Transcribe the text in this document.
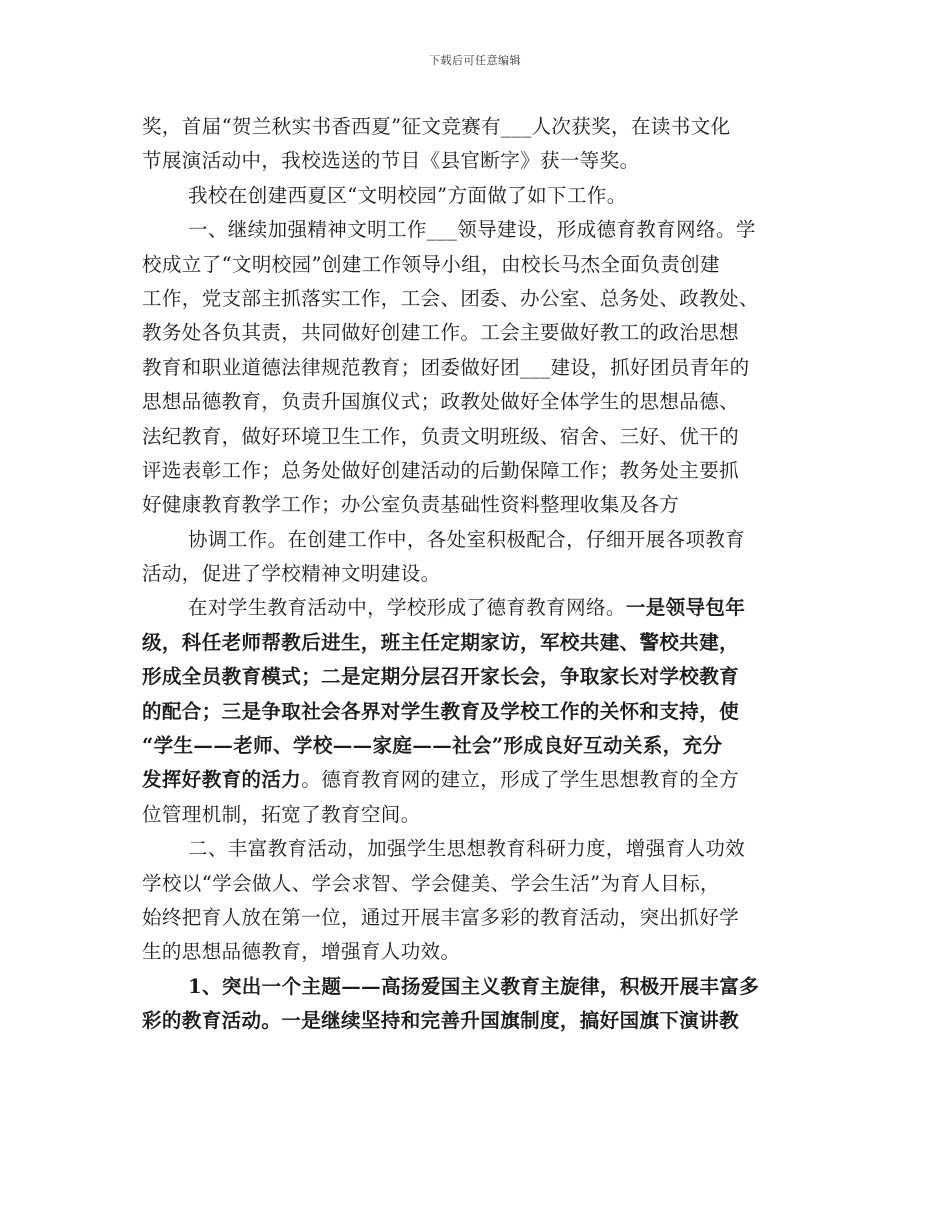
下载后可任意编辑
奖，首届“贺兰秋实书香西夏”征文竞赛有___人次获奖，在读书文化
节展演活动中，我校选送的节目《县官断字》获一等奖。
我校在创建西夏区“文明校园”方面做了如下工作。
一、继续加强精神文明工作___领导建设，形成德育教育网络。学
校成立了“文明校园”创建工作领导小组，由校长马杰全面负责创建
工作，党支部主抓落实工作，工会、团委、办公室、总务处、政教处、
教务处各负其责，共同做好创建工作。工会主要做好教工的政治思想
教育和职业道德法律规范教育；团委做好团___建设，抓好团员青年的
思想品德教育，负责升国旗仪式；政教处做好全体学生的思想品德、
法纪教育，做好环境卫生工作，负责文明班级、宿舍、三好、优干的
评选表彰工作；总务处做好创建活动的后勤保障工作；教务处主要抓
好健康教育教学工作；办公室负责基础性资料整理收集及各方
协调工作。在创建工作中，各处室积极配合，仔细开展各项教育
活动，促进了学校精神文明建设。
在对学生教育活动中，学校形成了德育教育网络。一是领导包年
级，科任老师帮教后进生，班主任定期家访，军校共建、警校共建，
形成全员教育模式；二是定期分层召开家长会，争取家长对学校教育
的配合；三是争取社会各界对学生教育及学校工作的关怀和支持，使
“学生——老师、学校——家庭——社会”形成良好互动关系，充分
发挥好教育的活力。德育教育网的建立，形成了学生思想教育的全方
位管理机制，拓宽了教育空间。
二、丰富教育活动，加强学生思想教育科研力度，增强育人功效
学校以“学会做人、学会求智、学会健美、学会生活”为育人目标，
始终把育人放在第一位，通过开展丰富多彩的教育活动，突出抓好学
生的思想品德教育，增强育人功效。
1、突出一个主题——高扬爱国主义教育主旋律，积极开展丰富多
彩的教育活动。一是继续坚持和完善升国旗制度，搞好国旗下演讲教
